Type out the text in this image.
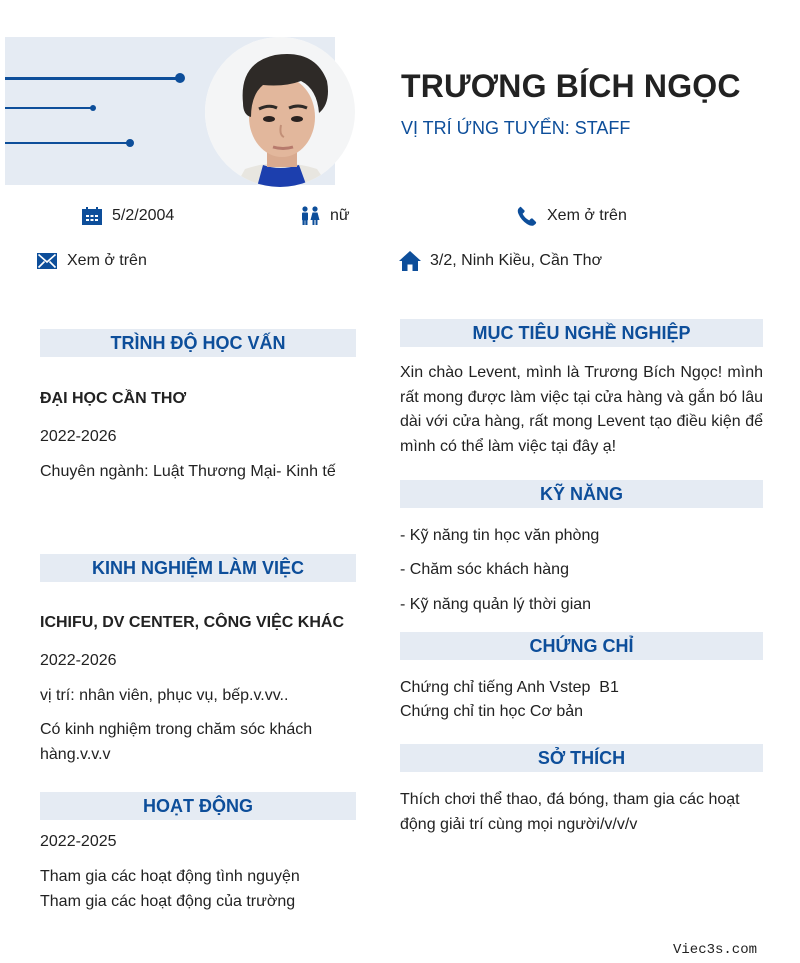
TRƯƠNG BÍCH NGỌC
VỊ TRÍ ỨNG TUYỂN: STAFF
5/2/2004	nữ	Xem ở trên
Xem ở trên	3/2, Ninh Kiều, Cần Thơ
TRÌNH ĐỘ HỌC VẤN
ĐẠI HỌC CẦN THƠ
2022-2026
Chuyên ngành: Luật Thương Mại- Kinh tế
KINH NGHIỆM LÀM VIỆC
ICHIFU, DV CENTER, CÔNG VIỆC KHÁC
2022-2026
vị trí: nhân viên, phục vụ, bếp.v.vv..
Có kinh nghiệm trong chăm sóc khách
hàng.v.v.v
HOẠT ĐỘNG
2022-2025
Tham gia các hoạt động tình nguyện
Tham gia các hoạt động của trường
MỤC TIÊU NGHỀ NGHIỆP
Xin chào Levent, mình là Trương Bích Ngọc! mình rất mong được làm việc tại cửa hàng và gắn bó lâu dài với cửa hàng, rất mong Levent tạo điều kiện để mình có thể làm việc tại đây ạ!
KỸ NĂNG
- Kỹ năng tin học văn phòng
- Chăm sóc khách hàng
- Kỹ năng quản lý thời gian
CHỨNG CHỈ
Chứng chỉ tiếng Anh Vstep  B1
Chứng chỉ tin học Cơ bản
SỞ THÍCH
Thích chơi thể thao, đá bóng, tham gia các hoạt
động giải trí cùng mọi người/v/v/v
Viec3s.com
